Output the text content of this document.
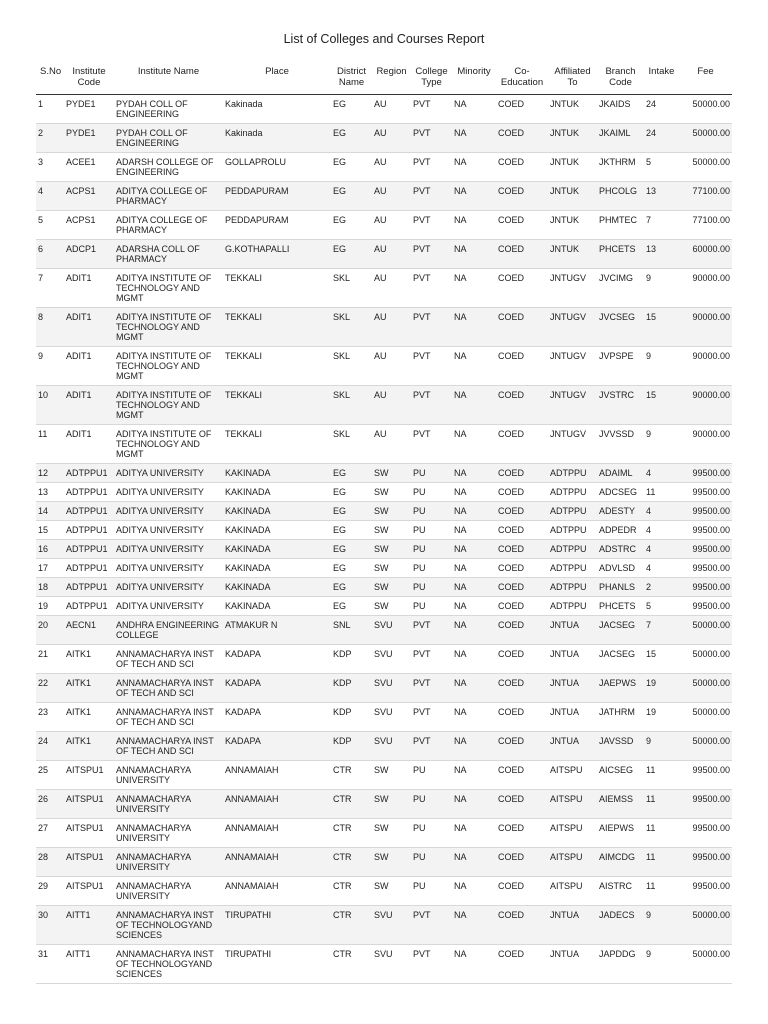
List of Colleges and Courses Report
S.No	Institute Code	Institute Name	Place	District Name	Region	College Type	Minority	Co-Education	Affiliated To	Branch Code	Intake	Fee
1	PYDE1	PYDAH COLL OF ENGINEERING	Kakinada	EG	AU	PVT	NA	COED	JNTUK	JKAIDS	24	50000.00
2	PYDE1	PYDAH COLL OF ENGINEERING	Kakinada	EG	AU	PVT	NA	COED	JNTUK	JKAIML	24	50000.00
3	ACEE1	ADARSH COLLEGE OF ENGINEERING	GOLLAPROLU	EG	AU	PVT	NA	COED	JNTUK	JKTHRM	5	50000.00
4	ACPS1	ADITYA COLLEGE OF PHARMACY	PEDDAPURAM	EG	AU	PVT	NA	COED	JNTUK	PHCOLG	13	77100.00
5	ACPS1	ADITYA COLLEGE OF PHARMACY	PEDDAPURAM	EG	AU	PVT	NA	COED	JNTUK	PHMTEC	7	77100.00
6	ADCP1	ADARSHA COLL OF PHARMACY	G.KOTHAPALLI	EG	AU	PVT	NA	COED	JNTUK	PHCETS	13	60000.00
7	ADIT1	ADITYA INSTITUTE OF TECHNOLOGY AND MGMT	TEKKALI	SKL	AU	PVT	NA	COED	JNTUGV	JVCIMG	9	90000.00
8	ADIT1	ADITYA INSTITUTE OF TECHNOLOGY AND MGMT	TEKKALI	SKL	AU	PVT	NA	COED	JNTUGV	JVCSEG	15	90000.00
9	ADIT1	ADITYA INSTITUTE OF TECHNOLOGY AND MGMT	TEKKALI	SKL	AU	PVT	NA	COED	JNTUGV	JVPSPE	9	90000.00
10	ADIT1	ADITYA INSTITUTE OF TECHNOLOGY AND MGMT	TEKKALI	SKL	AU	PVT	NA	COED	JNTUGV	JVSTRC	15	90000.00
11	ADIT1	ADITYA INSTITUTE OF TECHNOLOGY AND MGMT	TEKKALI	SKL	AU	PVT	NA	COED	JNTUGV	JVVSSD	9	90000.00
12	ADTPPU1	ADITYA UNIVERSITY	KAKINADA	EG	SW	PU	NA	COED	ADTPPU	ADAIML	4	99500.00
13	ADTPPU1	ADITYA UNIVERSITY	KAKINADA	EG	SW	PU	NA	COED	ADTPPU	ADCSEG	11	99500.00
14	ADTPPU1	ADITYA UNIVERSITY	KAKINADA	EG	SW	PU	NA	COED	ADTPPU	ADESTY	4	99500.00
15	ADTPPU1	ADITYA UNIVERSITY	KAKINADA	EG	SW	PU	NA	COED	ADTPPU	ADPEDR	4	99500.00
16	ADTPPU1	ADITYA UNIVERSITY	KAKINADA	EG	SW	PU	NA	COED	ADTPPU	ADSTRC	4	99500.00
17	ADTPPU1	ADITYA UNIVERSITY	KAKINADA	EG	SW	PU	NA	COED	ADTPPU	ADVLSD	4	99500.00
18	ADTPPU1	ADITYA UNIVERSITY	KAKINADA	EG	SW	PU	NA	COED	ADTPPU	PHANLS	2	99500.00
19	ADTPPU1	ADITYA UNIVERSITY	KAKINADA	EG	SW	PU	NA	COED	ADTPPU	PHCETS	5	99500.00
20	AECN1	ANDHRA ENGINEERING COLLEGE	ATMAKUR N	SNL	SVU	PVT	NA	COED	JNTUA	JACSEG	7	50000.00
21	AITK1	ANNAMACHARYA INST OF TECH AND SCI	KADAPA	KDP	SVU	PVT	NA	COED	JNTUA	JACSEG	15	50000.00
22	AITK1	ANNAMACHARYA INST OF TECH AND SCI	KADAPA	KDP	SVU	PVT	NA	COED	JNTUA	JAEPWS	19	50000.00
23	AITK1	ANNAMACHARYA INST OF TECH AND SCI	KADAPA	KDP	SVU	PVT	NA	COED	JNTUA	JATHRM	19	50000.00
24	AITK1	ANNAMACHARYA INST OF TECH AND SCI	KADAPA	KDP	SVU	PVT	NA	COED	JNTUA	JAVSSD	9	50000.00
25	AITSPU1	ANNAMACHARYA UNIVERSITY	ANNAMAIAH	CTR	SW	PU	NA	COED	AITSPU	AICSEG	11	99500.00
26	AITSPU1	ANNAMACHARYA UNIVERSITY	ANNAMAIAH	CTR	SW	PU	NA	COED	AITSPU	AIEMSS	11	99500.00
27	AITSPU1	ANNAMACHARYA UNIVERSITY	ANNAMAIAH	CTR	SW	PU	NA	COED	AITSPU	AIEPWS	11	99500.00
28	AITSPU1	ANNAMACHARYA UNIVERSITY	ANNAMAIAH	CTR	SW	PU	NA	COED	AITSPU	AIMCDG	11	99500.00
29	AITSPU1	ANNAMACHARYA UNIVERSITY	ANNAMAIAH	CTR	SW	PU	NA	COED	AITSPU	AISTRC	11	99500.00
30	AITT1	ANNAMACHARYA INST OF TECHNOLOGYAND SCIENCES	TIRUPATHI	CTR	SVU	PVT	NA	COED	JNTUA	JADECS	9	50000.00
31	AITT1	ANNAMACHARYA INST OF TECHNOLOGYAND SCIENCES	TIRUPATHI	CTR	SVU	PVT	NA	COED	JNTUA	JAPDDG	9	50000.00
